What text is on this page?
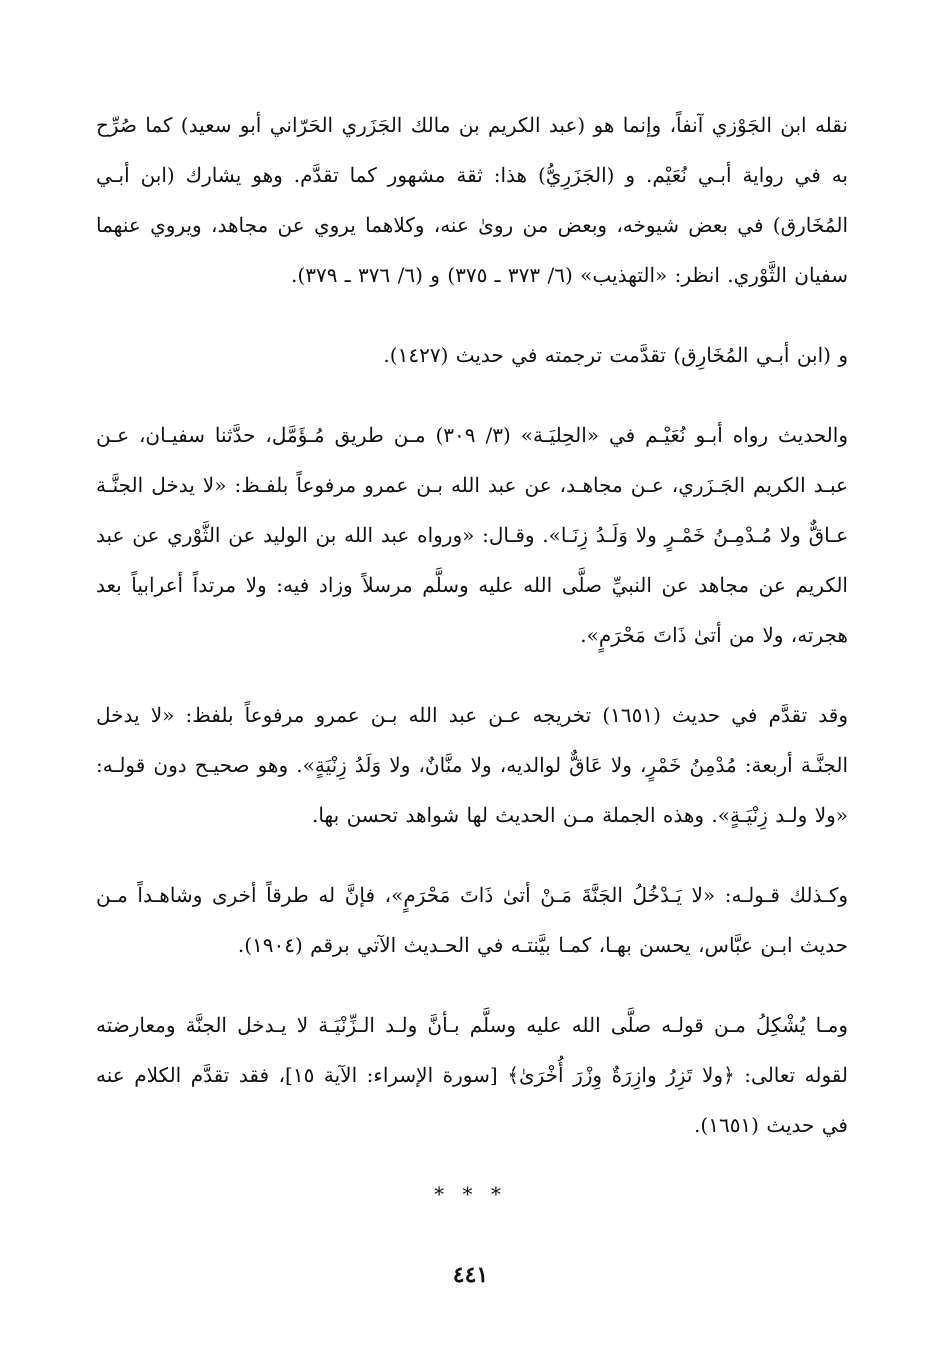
نقله ابن الجَوْزي آنفاً، وإنما هو (عبد الكريم بن مالك الجَزَري الحَرّاني أبو سعيد) كما صُرِّح به في رواية أبـي نُعَيْم. و (الجَزَرِيُّ) هذا: ثقة مشهور كما تقدَّم. وهو يشارك (ابن أبـي المُخَارق) في بعض شيوخه، وبعض من روىٰ عنه، وكلاهما يروي عن مجاهد، ويروي عنهما سفيان الثَّوْري. انظر: «التهذيب» (٦/ ٣٧٣ ـ ٣٧٥) و (٦/ ٣٧٦ ـ ٣٧٩).

و (ابن أبـي المُخَارِق) تقدَّمت ترجمته في حديث (١٤٢٧).

والحديث رواه أبـو نُعَيْـم في «الحِليَـة» (٣/ ٣٠٩) مـن طريق مُـؤَمَّل، حدَّثنا سفيـان، عـن عبـد الكريم الجَـزَري، عـن مجاهـد، عن عبد الله بـن عمرو مرفوعاً بلفـظ: «لا يدخل الجنَّـة عـاقٌّ ولا مُـدْمِـنُ خَمْـرٍ ولا وَلَـدُ زِنَـا». وقـال: «ورواه عبد الله بن الوليد عن الثَّوْري عن عبد الكريم عن مجاهد عن النبيِّ صلَّى الله عليه وسلَّم مرسلاً وزاد فيه: ولا مرتداً أعرابياً بعد هجرته، ولا من أتىٰ ذَاتَ مَحْرَمٍ».

وقد تقدَّم في حديث (١٦٥١) تخريجه عـن عبد الله بـن عمرو مرفوعاً بلفظ: «لا يدخل الجنَّـة أربعة: مُدْمِنُ خَمْرٍ، ولا عَاقٌّ لوالديه، ولا منَّانٌ، ولا وَلَدُ زِنْيَةٍ». وهو صحيـح دون قولـه: «ولا ولـد زِنْيَـةٍ». وهذه الجملة مـن الحديث لها شواهد تحسن بها.

وكـذلك قـولـه: «لا يَـدْخُلُ الجَنَّةَ مَـنْ أتىٰ ذَاتَ مَحْرَمٍ»، فإنَّ له طرقاً أخرى وشاهـداً مـن حديث ابـن عبَّاس، يحسن بهـا، كمـا بيَّنتـه في الحـديث الآتي برقم (١٩٠٤).

ومـا يُشْكِلُ مـن قولـه صلَّى الله عليه وسلَّم بـأنَّ ولـد الـزِّنْيَـة لا يـدخل الجنَّة ومعارضته لقوله تعالى: ﴿ولا تَزِرُ وازِرَةٌ وِزْرَ أُخْرَىٰ﴾ [سورة الإسراء: الآية ١٥]، فقد تقدَّم الكلام عنه في حديث (١٦٥١).

* * *
٤٤١
